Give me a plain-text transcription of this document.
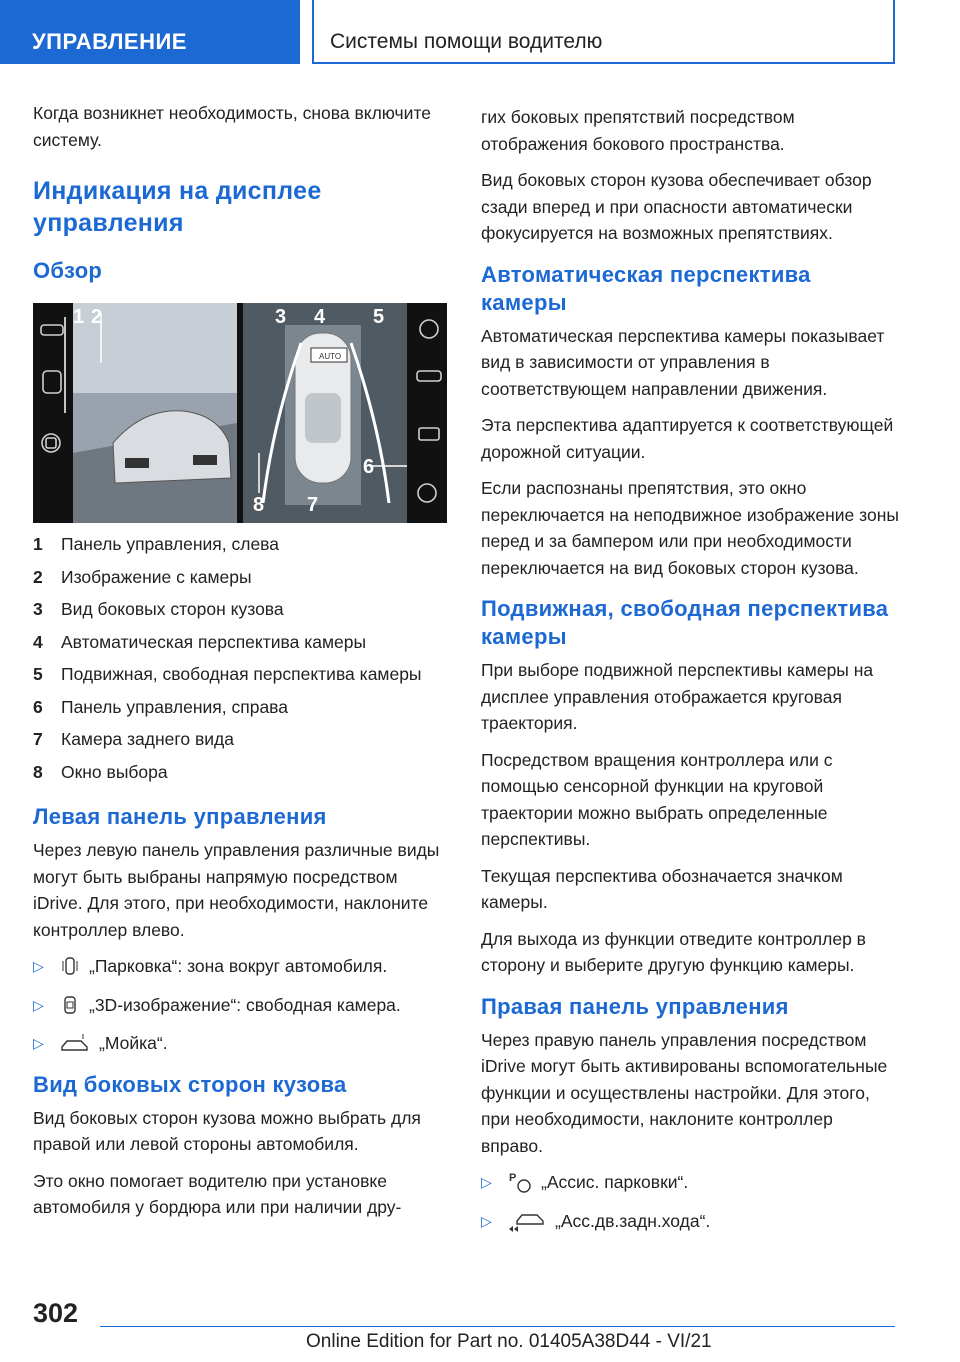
УПРАВЛЕНИЕ	Системы помощи водителю

Когда возникнет необходимость, снова включите систему.

Индикация на дисплее управления
Обзор
AUTO
1 2	3 4 5
6
7
8
1	Панель управления, слева
2	Изображение с камеры
3	Вид боковых сторон кузова
4	Автоматическая перспектива камеры
5	Подвижная, свободная перспектива камеры
6	Панель управления, справа
7	Камера заднего вида
8	Окно выбора
Левая панель управления

Через левую панель управления различные виды могут быть выбраны напрямую посредством iDrive. Для этого, при необходимости, наклоните контроллер влево.

▷	„Парковка“: зона вокруг автомобиля.
▷	„3D-изображение“: свободная камера.
▷	„Мойка“.
Вид боковых сторон кузова

Вид боковых сторон кузова можно выбрать для правой или левой стороны автомобиля.

Это окно помогает водителю при установке автомобиля у бордюра или при наличии дру-

гих боковых препятствий посредством отображения бокового пространства.

Вид боковых сторон кузова обеспечивает обзор сзади вперед и при опасности автоматически фокусируется на возможных препятствиях.

Автоматическая перспектива камеры

Автоматическая перспектива камеры показывает вид в зависимости от управления в соответствующем направлении движения.

Эта перспектива адаптируется к соответствующей дорожной ситуации.

Если распознаны препятствия, это окно переключается на неподвижное изображение зоны перед и за бампером или при необходимости переключается на вид боковых сторон кузова.

Подвижная, свободная перспектива камеры

При выборе подвижной перспективы камеры на дисплее управления отображается круговая траектория.

Посредством вращения контроллера или с помощью сенсорной функции на круговой траектории можно выбрать определенные перспективы.

Текущая перспектива обозначается значком камеры.

Для выхода из функции отведите контроллер в сторону и выберите другую функцию камеры.

Правая панель управления

Через правую панель управления посредством iDrive могут быть активированы вспомогательные функции и осуществлены настройки. Для этого, при необходимости, наклоните контроллер вправо.

▷	P „Ассис. парковки“.
▷	„Асс.дв.задн.хода“.
302
Online Edition for Part no. 01405A38D44 - VI/21
